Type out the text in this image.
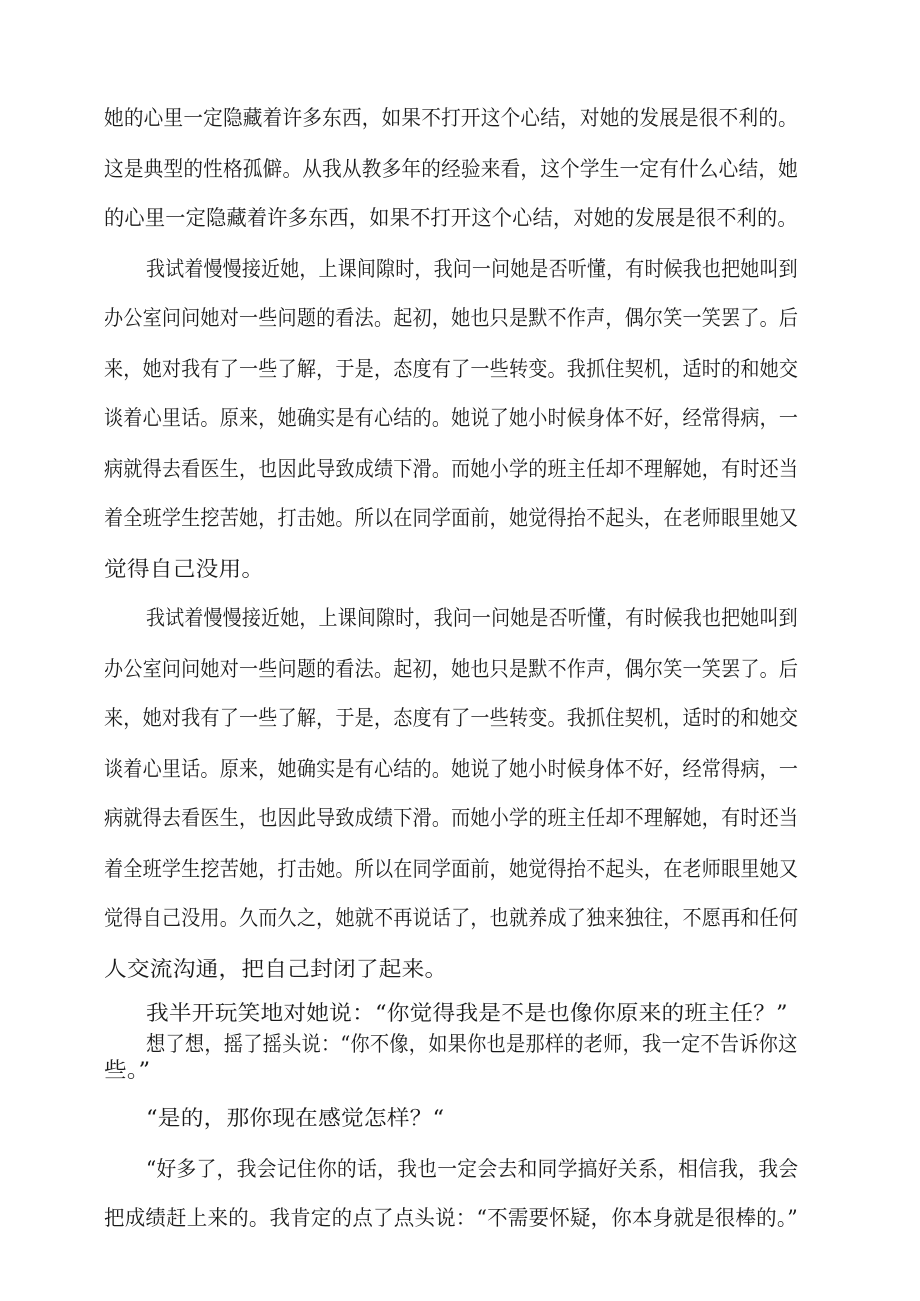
她的心里一定隐藏着许多东西，如果不打开这个心结，对她的发展是很不利的。
这是典型的性格孤僻。从我从教多年的经验来看，这个学生一定有什么心结，她
的心里一定隐藏着许多东西，如果不打开这个心结，对她的发展是很不利的。
我试着慢慢接近她，上课间隙时，我问一问她是否听懂，有时候我也把她叫到
办公室问问她对一些问题的看法。起初，她也只是默不作声，偶尔笑一笑罢了。后
来，她对我有了一些了解，于是，态度有了一些转变。我抓住契机，适时的和她交
谈着心里话。原来，她确实是有心结的。她说了她小时候身体不好，经常得病，一
病就得去看医生，也因此导致成绩下滑。而她小学的班主任却不理解她，有时还当
着全班学生挖苦她，打击她。所以在同学面前，她觉得抬不起头，在老师眼里她又
觉得自己没用。
我试着慢慢接近她，上课间隙时，我问一问她是否听懂，有时候我也把她叫到
办公室问问她对一些问题的看法。起初，她也只是默不作声，偶尔笑一笑罢了。后
来，她对我有了一些了解，于是，态度有了一些转变。我抓住契机，适时的和她交
谈着心里话。原来，她确实是有心结的。她说了她小时候身体不好，经常得病，一
病就得去看医生，也因此导致成绩下滑。而她小学的班主任却不理解她，有时还当
着全班学生挖苦她，打击她。所以在同学面前，她觉得抬不起头，在老师眼里她又
觉得自己没用。久而久之，她就不再说话了，也就养成了独来独往，不愿再和任何
人交流沟通，把自己封闭了起来。
我半开玩笑地对她说：“你觉得我是不是也像你原来的班主任？”
想了想，摇了摇头说：“你不像，如果你也是那样的老师，我一定不告诉你这
些。”
“是的，那你现在感觉怎样？“
“好多了，我会记住你的话，我也一定会去和同学搞好关系，相信我，我会
把成绩赶上来的。我肯定的点了点头说：“不需要怀疑，你本身就是很棒的。”
